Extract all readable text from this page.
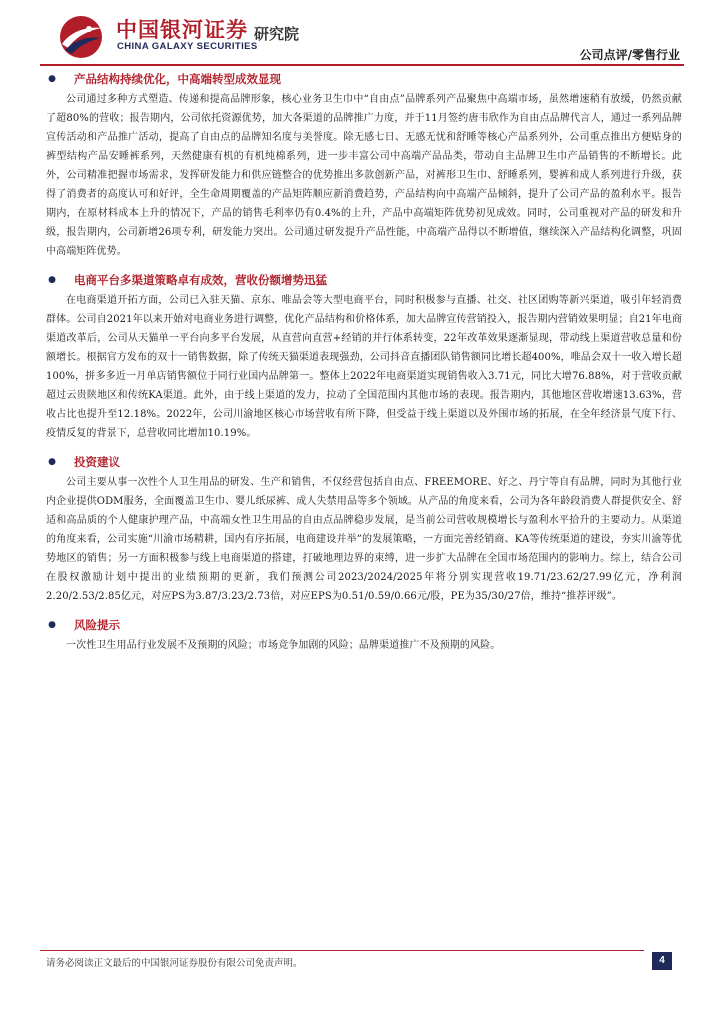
中国银河证券
CHINA GALAXY SECURITIES
研究院
公司点评/零售行业
● 产品结构持续优化，中高端转型成效显现

公司通过多种方式塑造、传递和提高品牌形象，核心业务卫生巾中“自由点”品牌系列产品聚焦中高端市场，虽然增速稍有放缓，仍然贡献了超80%的营收；报告期内，公司依托资源优势，加大各渠道的品牌推广力度，并于11月签约唐韦欣作为自由点品牌代言人，通过一系列品牌宣传活动和产品推广活动，提高了自由点的品牌知名度与美誉度。除无感七日、无感无忧和舒睡等核心产品系列外，公司重点推出方便贴身的裤型结构产品安睡裤系列，天然健康有机的有机纯棉系列，进一步丰富公司中高端产品品类，带动自主品牌卫生巾产品销售的不断增长。此外，公司精准把握市场需求，发挥研发能力和供应链整合的优势推出多款创新产品，对裤形卫生巾、舒睡系列，婴裤和成人系列进行升级，获得了消费者的高度认可和好评，全生命周期覆盖的产品矩阵顺应新消费趋势，产品结构向中高端产品倾斜，提升了公司产品的盈利水平。报告期内，在原材料成本上升的情况下，产品的销售毛利率仍有0.4%的上升，产品中高端矩阵优势初见成效。同时，公司重视对产品的研发和升级，报告期内，公司新增26项专利，研发能力突出。公司通过研发提升产品性能，中高端产品得以不断增值，继续深入产品结构化调整，巩固中高端矩阵优势。

● 电商平台多渠道策略卓有成效，营收份额增势迅猛

在电商渠道开拓方面，公司已入驻天猫、京东、唯品会等大型电商平台，同时积极参与直播、社交、社区团购等新兴渠道，吸引年轻消费群体。公司自2021年以来开始对电商业务进行调整，优化产品结构和价格体系，加大品牌宣传营销投入，报告期内营销效果明显；自21年电商渠道改革后，公司从天猫单一平台向多平台发展，从直营向直营+经销的并行体系转变，22年改革效果逐渐显现，带动线上渠道营收总量和份额增长。根据官方发布的双十一销售数据，除了传统天猫渠道表现强劲，公司抖音直播团队销售额同比增长超400%，唯品会双十一收入增长超100%，拼多多近一月单店销售额位于同行业国内品牌第一。整体上2022年电商渠道实现销售收入3.71元，同比大增76.88%，对于营收贡献超过云贵陕地区和传统KA渠道。此外，由于线上渠道的发力，拉动了全国范围内其他市场的表现。报告期内，其他地区营收增速13.63%，营收占比也提升至12.18%。2022年，公司川渝地区核心市场营收有所下降，但受益于线上渠道以及外围市场的拓展，在全年经济景气度下行、疫情反复的背景下，总营收同比增加10.19%。

● 投资建议

公司主要从事一次性个人卫生用品的研发、生产和销售，不仅经营包括自由点、FREEMORE、好之、丹宁等自有品牌，同时为其他行业内企业提供ODM服务，全面覆盖卫生巾、婴儿纸尿裤、成人失禁用品等多个领域。从产品的角度来看，公司为各年龄段消费人群提供安全、舒适和高品质的个人健康护理产品，中高端女性卫生用品的自由点品牌稳步发展，是当前公司营收规模增长与盈利水平拾升的主要动力。从渠道的角度来看，公司实施“川渝市场精耕，国内有序拓展，电商建设并举”的发展策略，一方面完善经销商、KA等传统渠道的建设，夯实川渝等优势地区的销售；另一方面积极参与线上电商渠道的搭建，打破地理边界的束缚，进一步扩大品牌在全国市场范围内的影响力。综上，结合公司在股权激励计划中提出的业绩预期的更新，我们预测公司2023/2024/2025年将分别实现营收19.71/23.62/27.99亿元，净利润2.20/2.53/2.85亿元，对应PS为3.87/3.23/2.73倍，对应EPS为0.51/0.59/0.66元/股，PE为35/30/27倍，维持“推荐评级”。

● 风险提示

一次性卫生用品行业发展不及预期的风险；市场竞争加剧的风险；品牌渠道推广不及预期的风险。

请务必阅读正文最后的中国银河证券股份有限公司免责声明。	4
